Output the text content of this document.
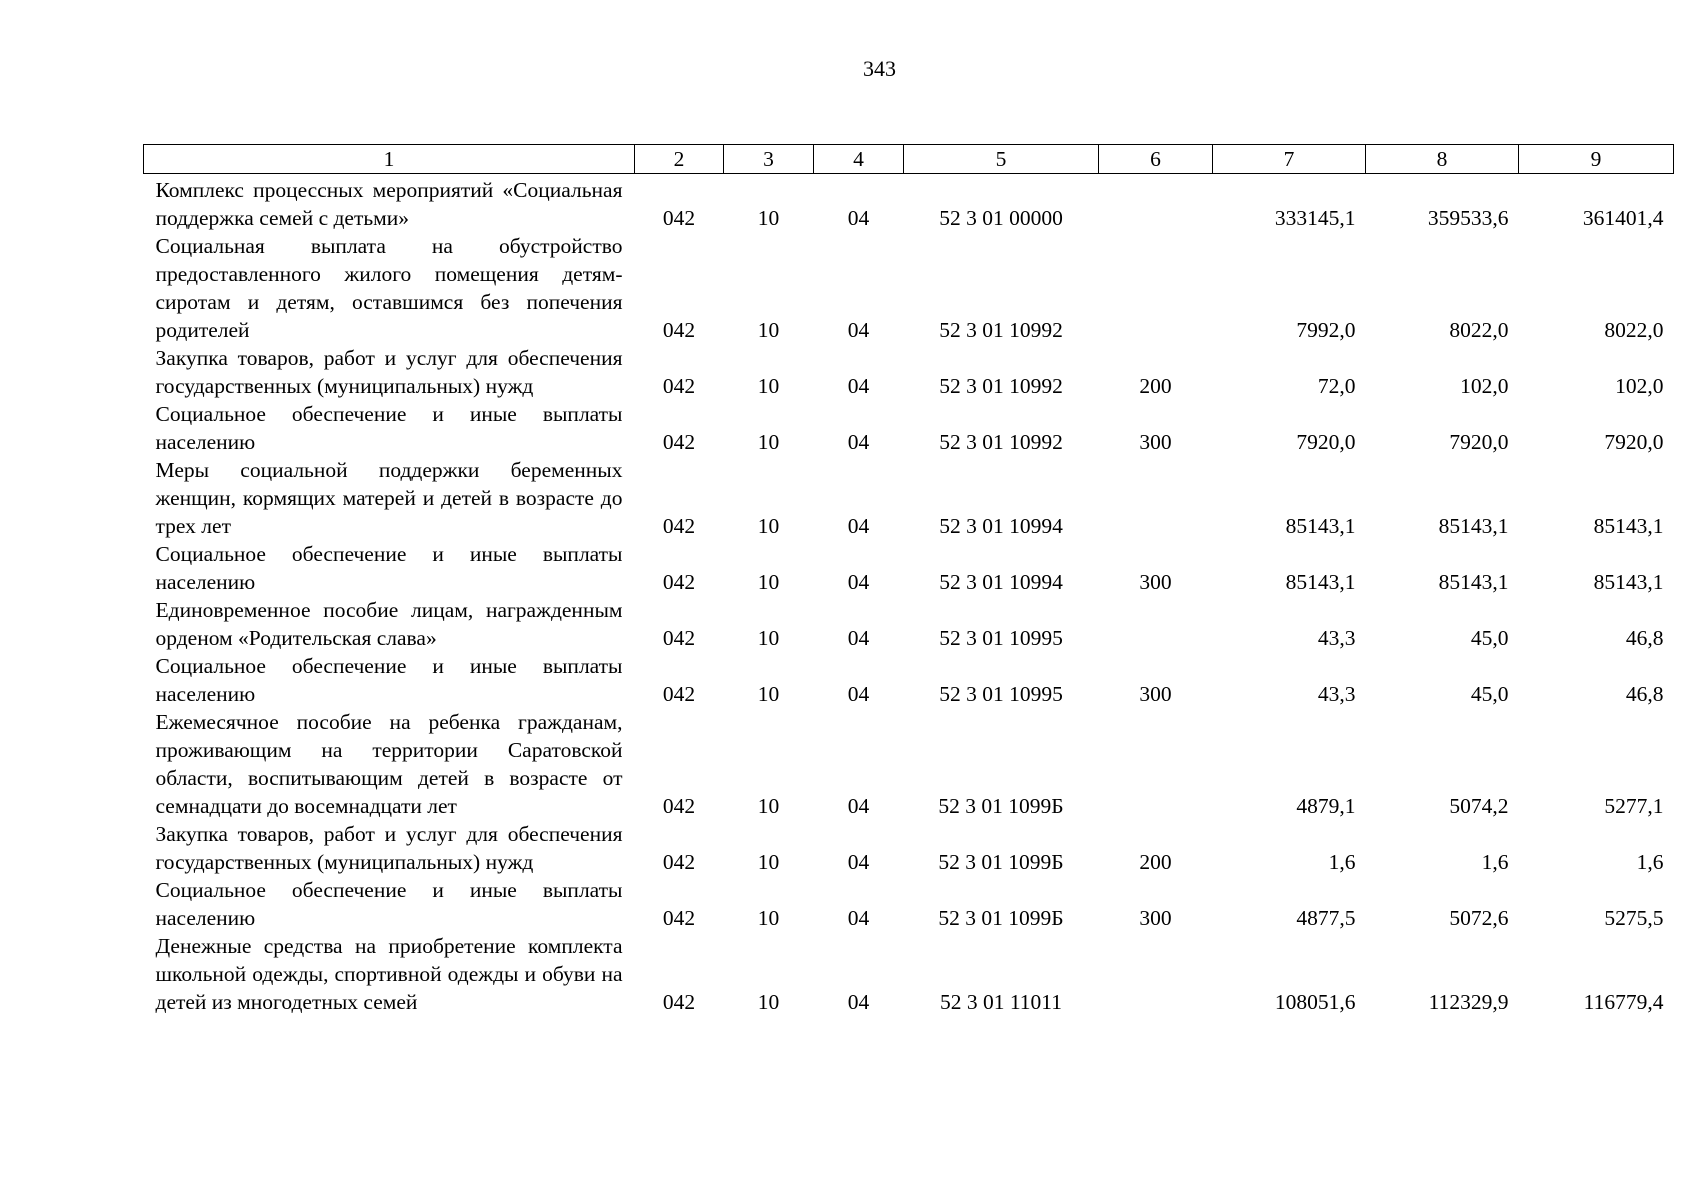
343
1	2	3	4	5	6	7	8	9
Комплекс процессных мероприятий «Социальная поддержка семей с детьми»	042	10	04	52 3 01 00000		333145,1	359533,6	361401,4
Социальная выплата на обустройство предоставленного жилого помещения детям-сиротам и детям, оставшимся без попечения родителей	042	10	04	52 3 01 10992		7992,0	8022,0	8022,0
Закупка товаров, работ и услуг для обеспечения государственных (муниципальных) нужд	042	10	04	52 3 01 10992	200	72,0	102,0	102,0
Социальное обеспечение и иные выплаты населению	042	10	04	52 3 01 10992	300	7920,0	7920,0	7920,0
Меры социальной поддержки беременных женщин, кормящих матерей и детей в возрасте до трех лет	042	10	04	52 3 01 10994		85143,1	85143,1	85143,1
Социальное обеспечение и иные выплаты населению	042	10	04	52 3 01 10994	300	85143,1	85143,1	85143,1
Единовременное пособие лицам, награжденным орденом «Родительская слава»	042	10	04	52 3 01 10995		43,3	45,0	46,8
Социальное обеспечение и иные выплаты населению	042	10	04	52 3 01 10995	300	43,3	45,0	46,8
Ежемесячное пособие на ребенка гражданам, проживающим на территории Саратовской области, воспитывающим детей в возрасте от семнадцати до восемнадцати лет	042	10	04	52 3 01 1099Б		4879,1	5074,2	5277,1
Закупка товаров, работ и услуг для обеспечения государственных (муниципальных) нужд	042	10	04	52 3 01 1099Б	200	1,6	1,6	1,6
Социальное обеспечение и иные выплаты населению	042	10	04	52 3 01 1099Б	300	4877,5	5072,6	5275,5
Денежные средства на приобретение комплекта школьной одежды, спортивной одежды и обуви на детей из многодетных семей	042	10	04	52 3 01 11011		108051,6	112329,9	116779,4
